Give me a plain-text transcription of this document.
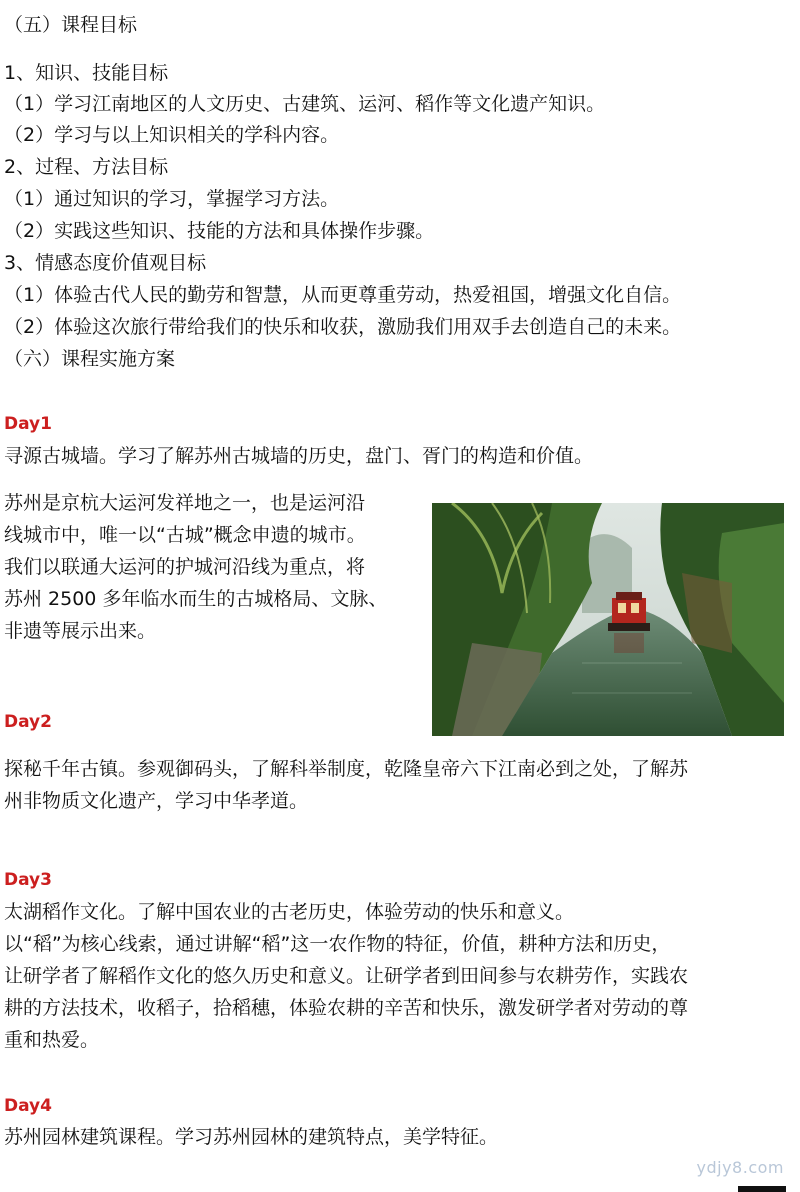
（五）课程目标
1、知识、技能目标
（1）学习江南地区的人文历史、古建筑、运河、稻作等文化遗产知识。
（2）学习与以上知识相关的学科内容。
2、过程、方法目标
（1）通过知识的学习，掌握学习方法。
（2）实践这些知识、技能的方法和具体操作步骤。
3、情感态度价值观目标
（1）体验古代人民的勤劳和智慧，从而更尊重劳动，热爱祖国，增强文化自信。
（2）体验这次旅行带给我们的快乐和收获，激励我们用双手去创造自己的未来。
（六）课程实施方案
Day1
寻源古城墙。学习了解苏州古城墙的历史，盘门、胥门的构造和价值。
苏州是京杭大运河发祥地之一，也是运河沿
线城市中，唯一以“古城”概念申遗的城市。
我们以联通大运河的护城河沿线为重点，将
苏州 2500 多年临水而生的古城格局、文脉、
非遗等展示出来。
Day2
探秘千年古镇。参观御码头，了解科举制度，乾隆皇帝六下江南必到之处，了解苏
州非物质文化遗产，学习中华孝道。
Day3
太湖稻作文化。了解中国农业的古老历史，体验劳动的快乐和意义。
以“稻”为核心线索，通过讲解“稻”这一农作物的特征，价值，耕种方法和历史，
让研学者了解稻作文化的悠久历史和意义。让研学者到田间参与农耕劳作，实践农
耕的方法技术，收稻子，拾稻穗，体验农耕的辛苦和快乐，激发研学者对劳动的尊
重和热爱。
Day4
苏州园林建筑课程。学习苏州园林的建筑特点，美学特征。
ydjy8.com
